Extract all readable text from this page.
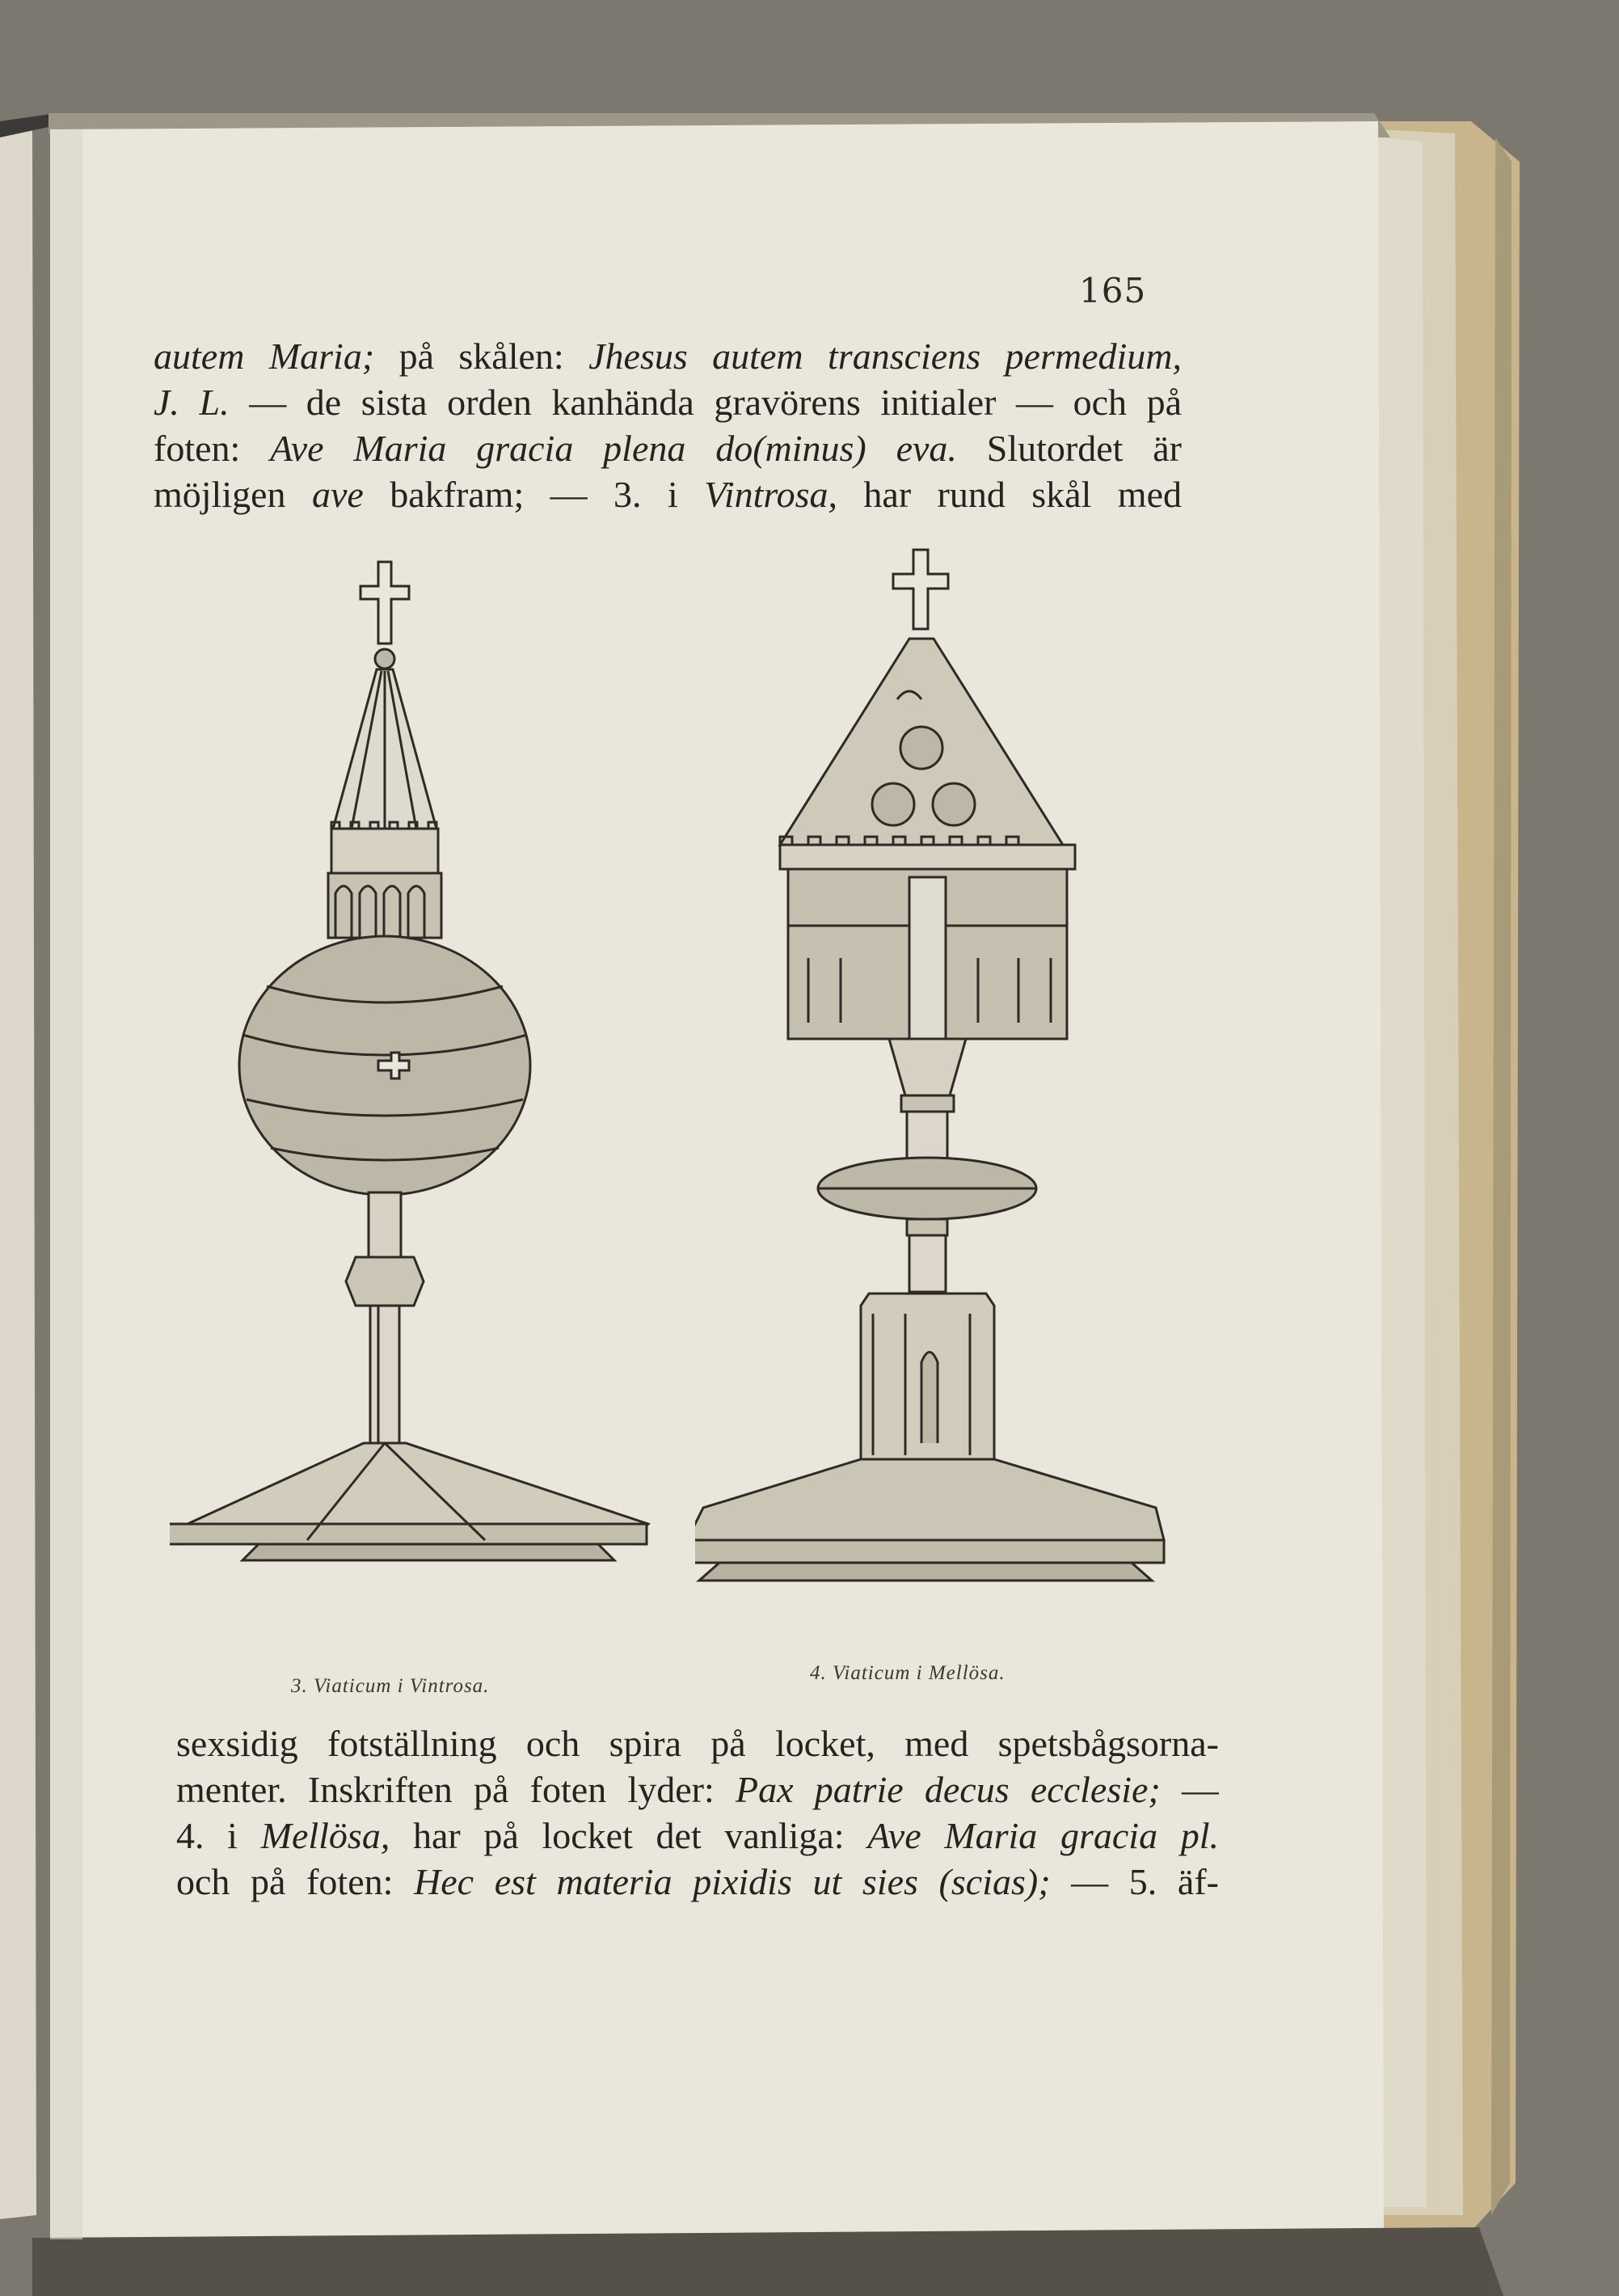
165
autem Maria; på skålen: Jhesus autem transciens permedium,
J. L. — de sista orden kanhända gravörens initialer — och på
foten: Ave Maria gracia plena do(minus) eva. Slutordet är
möjligen ave bakfram; — 3. i Vintrosa, har rund skål med
3. Viaticum i Vintrosa.
4. Viaticum i Mellösa.
sexsidig fotställning och spira på locket, med spetsbågsorna-
menter. Inskriften på foten lyder: Pax patrie decus ecclesie; —
4. i Mellösa, har på locket det vanliga: Ave Maria gracia pl.
och på foten: Hec est materia pixidis ut sies (scias); — 5. äf-
